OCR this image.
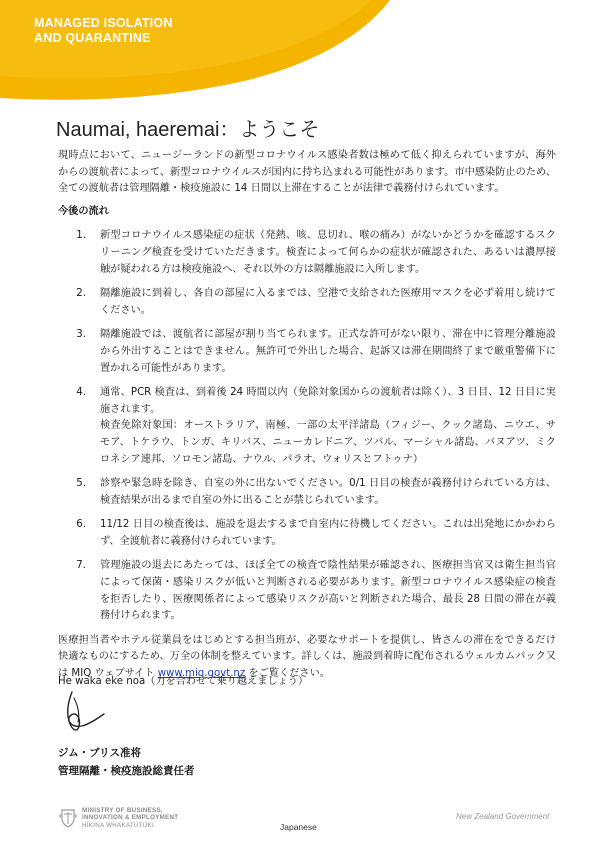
MANAGED ISOLATION
AND QUARANTINE
Naumai, haeremai：ようこそ

現時点において、ニュージーランドの新型コロナウイルス感染者数は極めて低く抑えられていますが、海外からの渡航者によって、新型コロナウイルスが国内に持ち込まれる可能性があります。市中感染防止のため、全ての渡航者は管理隔離・検疫施設に 14 日間以上滞在することが法律で義務付けられています。

今後の流れ
1.	新型コロナウイルス感染症の症状（発熱、咳、息切れ、喉の痛み）がないかどうかを確認するスクリーニング検査を受けていただきます。検査によって何らかの症状が確認された、あるいは濃厚接触が疑われる方は検疫施設へ、それ以外の方は隔離施設に入所します。
2.	隔離施設に到着し、各自の部屋に入るまでは、空港で支給された医療用マスクを必ず着用し続けてください。
3.	隔離施設では、渡航者に部屋が割り当てられます。正式な許可がない限り、滞在中に管理分離施設から外出することはできません。無許可で外出した場合、起訴又は滞在期間終了まで厳重警備下に置かれる可能性があります。
4.	通常、PCR 検査は、到着後 24 時間以内（免除対象国からの渡航者は除く）、3 日目、12 日目に実施されます。
検査免除対象国：オーストラリア、南極、一部の太平洋諸島（フィジー、クック諸島、ニウエ、サモア、トケラウ、トンガ、キリバス、ニューカレドニア、ツバル、マーシャル諸島、バヌアツ、ミクロネシア連邦、ソロモン諸島、ナウル、パラオ、ウォリスとフトゥナ）
5.	診察や緊急時を除き、自室の外に出ないでください。0/1 日目の検査が義務付けられている方は、検査結果が出るまで自室の外に出ることが禁じられています。
6.	11/12 日目の検査後は、施設を退去するまで自室内に待機してください。これは出発地にかかわらず、全渡航者に義務付けられています。
7.	管理施設の退去にあたっては、ほぼ全ての検査で陰性結果が確認され、医療担当官又は衛生担当官によって保菌・感染リスクが低いと判断される必要があります。新型コロナウイルス感染症の検査を拒否したり、医療関係者によって感染リスクが高いと判断された場合、最長 28 日間の滞在が義務付けられます。

医療担当者やホテル従業員をはじめとする担当班が、必要なサポートを提供し、皆さんの滞在をできるだけ快適なものにするため、万全の体制を整えています。詳しくは、施設到着時に配布されるウェルカムパック又は MIQ ウェブサイト www.miq.govt.nz をご覧ください。

He waka eke noa（力を合わせて乗り越えましょう）
ジム・ブリス准将
管理隔離・検疫施設総責任者
MINISTRY OF BUSINESS,
INNOVATION & EMPLOYMENT
HĪKINA WHAKATUTUKI	Japanese
New Zealand Government
